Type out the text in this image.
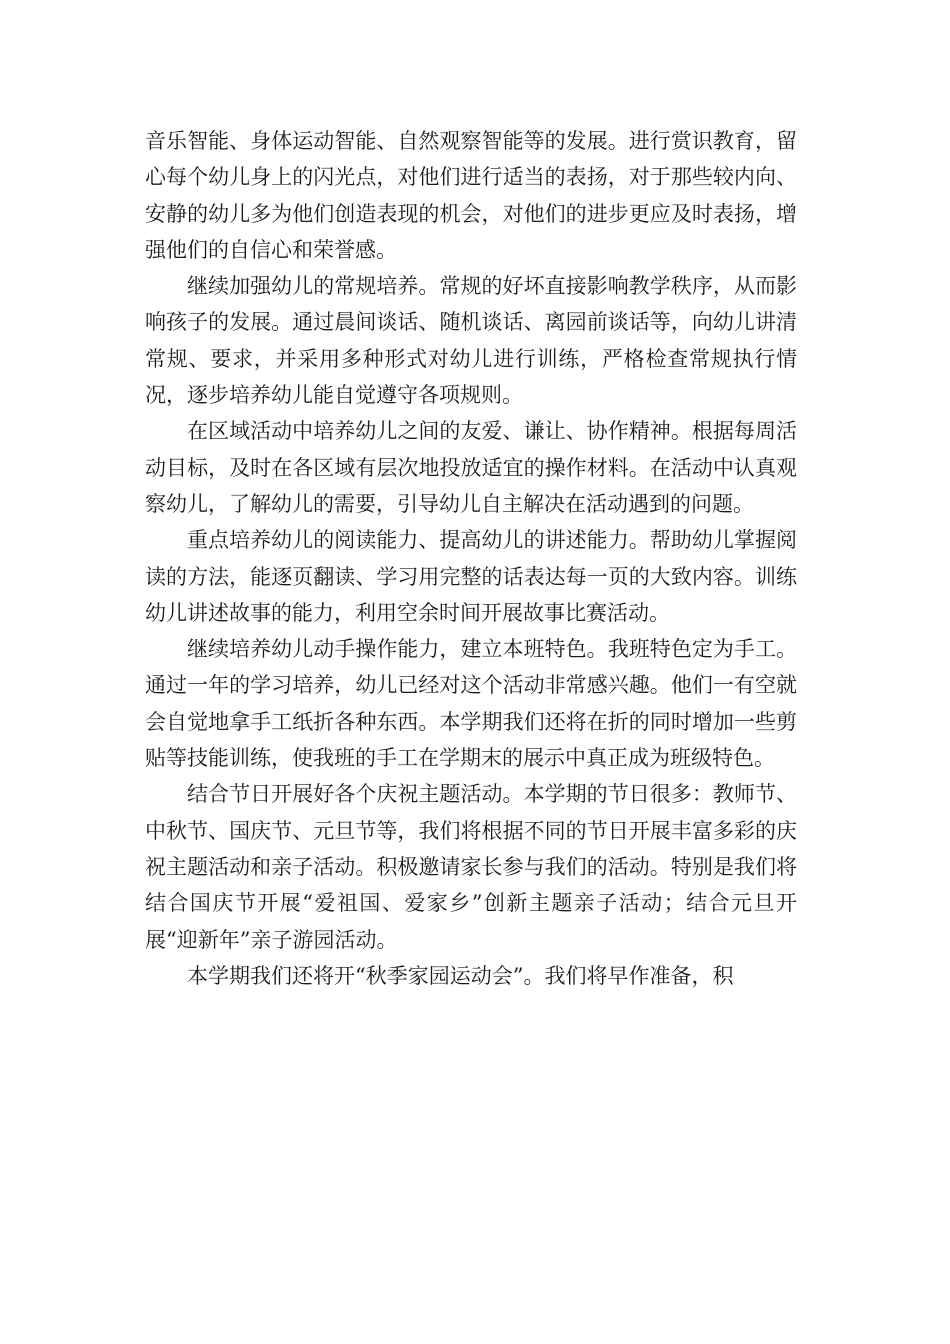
音乐智能、身体运动智能、自然观察智能等的发展。进行赏识教育，留心每个幼儿身上的闪光点，对他们进行适当的表扬，对于那些较内向、安静的幼儿多为他们创造表现的机会，对他们的进步更应及时表扬，增强他们的自信心和荣誉感。

继续加强幼儿的常规培养。常规的好坏直接影响教学秩序，从而影响孩子的发展。通过晨间谈话、随机谈话、离园前谈话等，向幼儿讲清常规、要求，并采用多种形式对幼儿进行训练，严格检查常规执行情况，逐步培养幼儿能自觉遵守各项规则。

在区域活动中培养幼儿之间的友爱、谦让、协作精神。根据每周活动目标，及时在各区域有层次地投放适宜的操作材料。在活动中认真观察幼儿，了解幼儿的需要，引导幼儿自主解决在活动遇到的问题。

重点培养幼儿的阅读能力、提高幼儿的讲述能力。帮助幼儿掌握阅读的方法，能逐页翻读、学习用完整的话表达每一页的大致内容。训练幼儿讲述故事的能力，利用空余时间开展故事比赛活动。

继续培养幼儿动手操作能力，建立本班特色。我班特色定为手工。通过一年的学习培养，幼儿已经对这个活动非常感兴趣。他们一有空就会自觉地拿手工纸折各种东西。本学期我们还将在折的同时增加一些剪贴等技能训练，使我班的手工在学期末的展示中真正成为班级特色。

结合节日开展好各个庆祝主题活动。本学期的节日很多：教师节、中秋节、国庆节、元旦节等，我们将根据不同的节日开展丰富多彩的庆祝主题活动和亲子活动。积极邀请家长参与我们的活动。特别是我们将结合国庆节开展“爱祖国、爱家乡”创新主题亲子活动；结合元旦开展“迎新年”亲子游园活动。

本学期我们还将开“秋季家园运动会”。我们将早作准备，积
